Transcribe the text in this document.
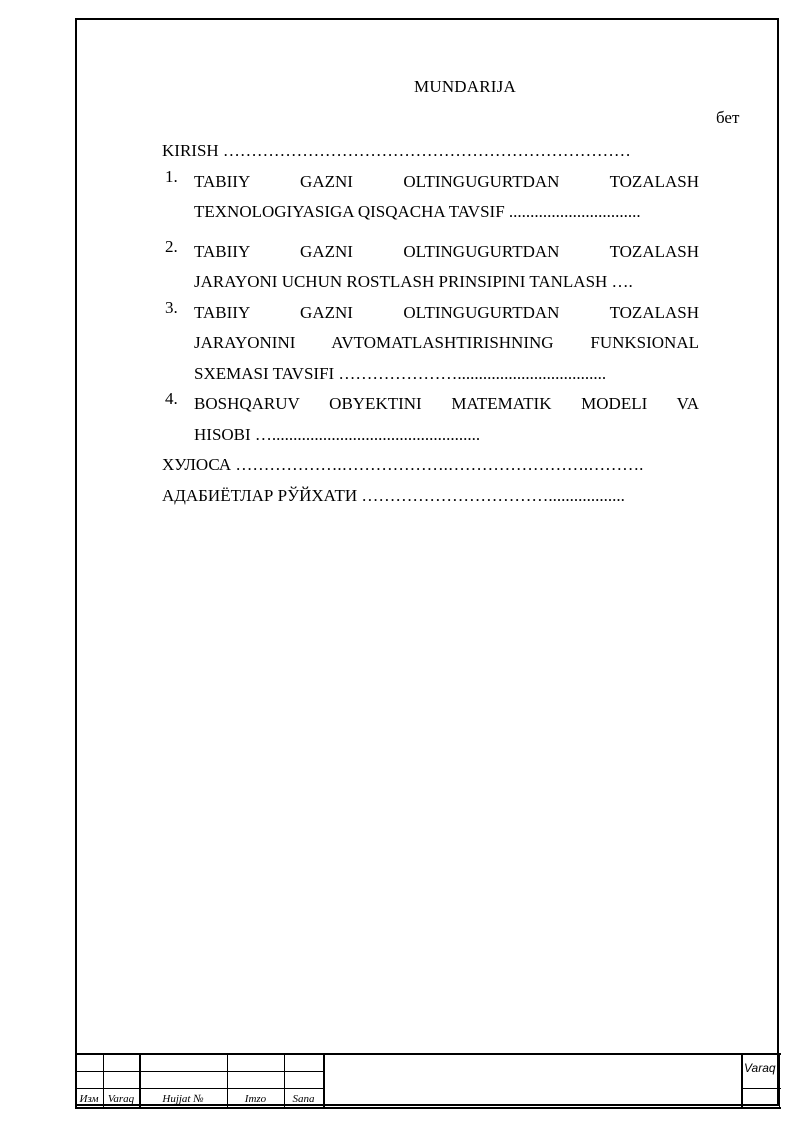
MUNDARIJA
бет
KIRISH ………………………………………………………………
1. TABIIY GAZNI OLTINGUGURTDAN TOZALASH
TEXNOLOGIYASIGA QISQACHA TAVSIF ...............................
2. TABIIY GAZNI OLTINGUGURTDAN TOZALASH
JARAYONI UCHUN ROSTLASH PRINSIPINI TANLASH ….
3. TABIIY GAZNI OLTINGUGURTDAN TOZALASH
JARAYONINI AVTOMATLASHTIRISHNING FUNKSIONAL
SXEMASI TAVSIFI …………………...................................
4. BOSHQARUV OBYEKTINI MATEMATIK MODELI VA
HISOBI ….................................................
ХУЛОСА ……………….……………….…………………….……….
АДАБИЁТЛАР РЎЙХАТИ ……………………………..................
Изм Varaq	Hujjat №	Imzo	Sana
Varaq
